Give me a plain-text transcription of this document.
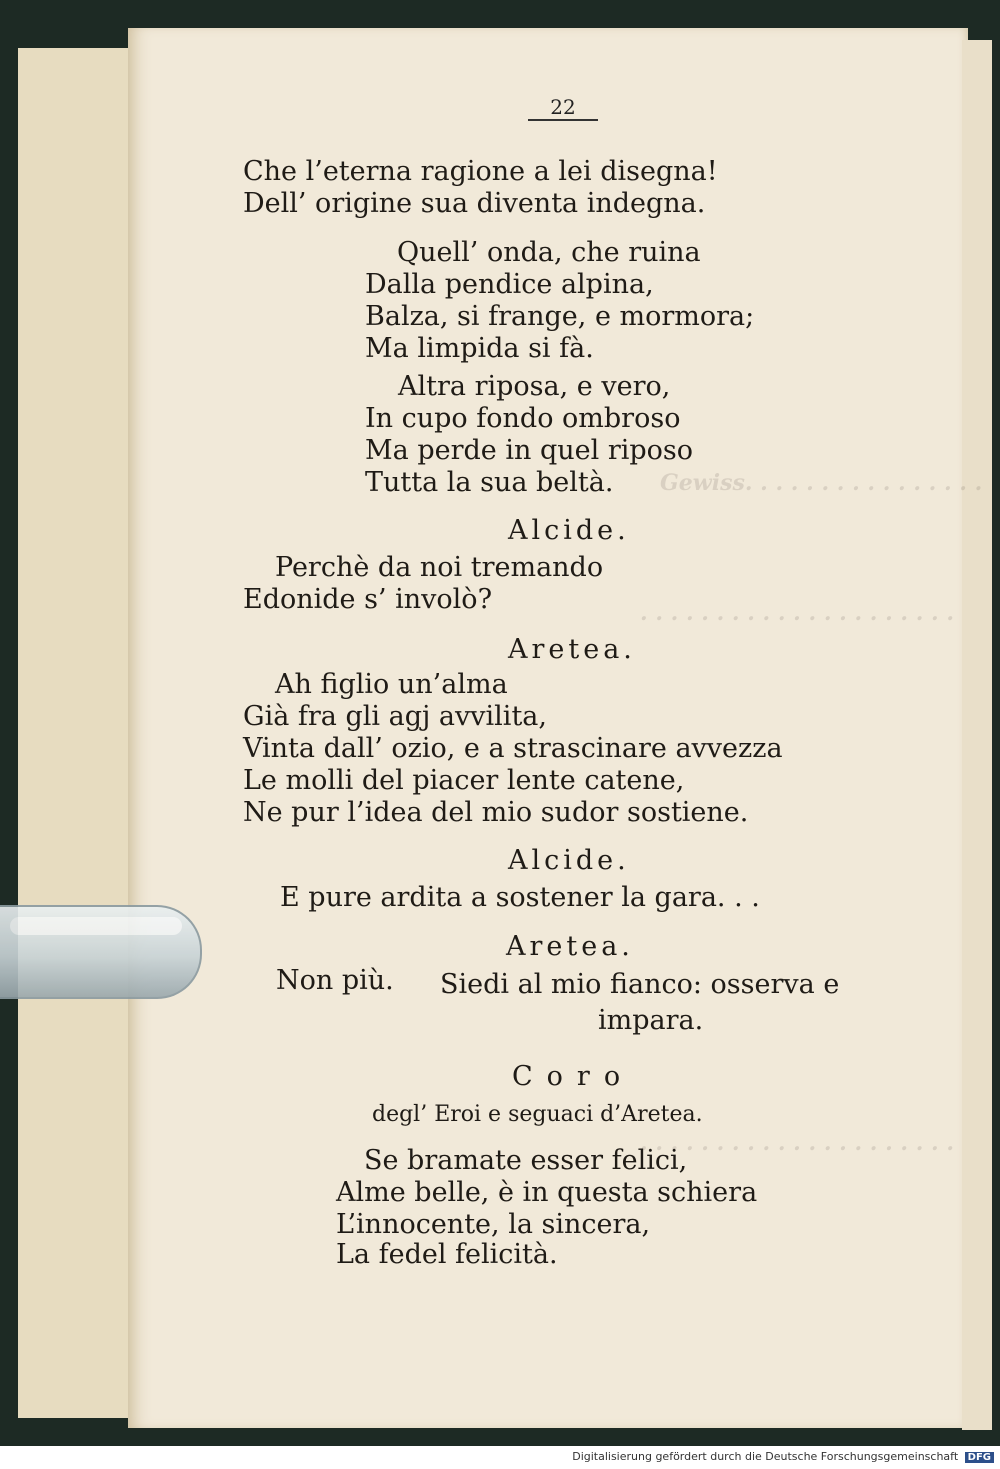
Gewiss. . . . . . . . . . . . . . . .
. . . . . . . . . . . . . . . . . . . . .
. . . . . . . . . . . . . . . . . . . . .
22
Che l’eterna ragione a lei disegna!
Dell’ origine sua diventa indegna.
Quell’ onda, che ruina
Dalla pendice alpina,
Balza, si frange, e mormora;
Ma limpida si fà.
Altra riposa, e vero,
In cupo fondo ombroso
Ma perde in quel riposo
Tutta la sua beltà.
Alcide.
Perchè da noi tremando
Edonide s’ involò?
Aretea.
Ah figlio un’alma
Già fra gli agj avvilita,
Vinta dall’ ozio, e a strascinare avvezza
Le molli del piacer lente catene,
Ne pur l’idea del mio sudor sostiene.
Alcide.
E pure ardita a sostener la gara. . .
Aretea.
Non più. Siedi al mio fianco: osserva e
impara.
Coro
degl’ Eroi e seguaci d’Aretea.
Se bramate esser felici,
Alme belle, è in questa schiera
L’innocente, la sincera,
La fedel felicità.
Digitalisierung gefördert durch die Deutsche Forschungsgemeinschaft DFG
